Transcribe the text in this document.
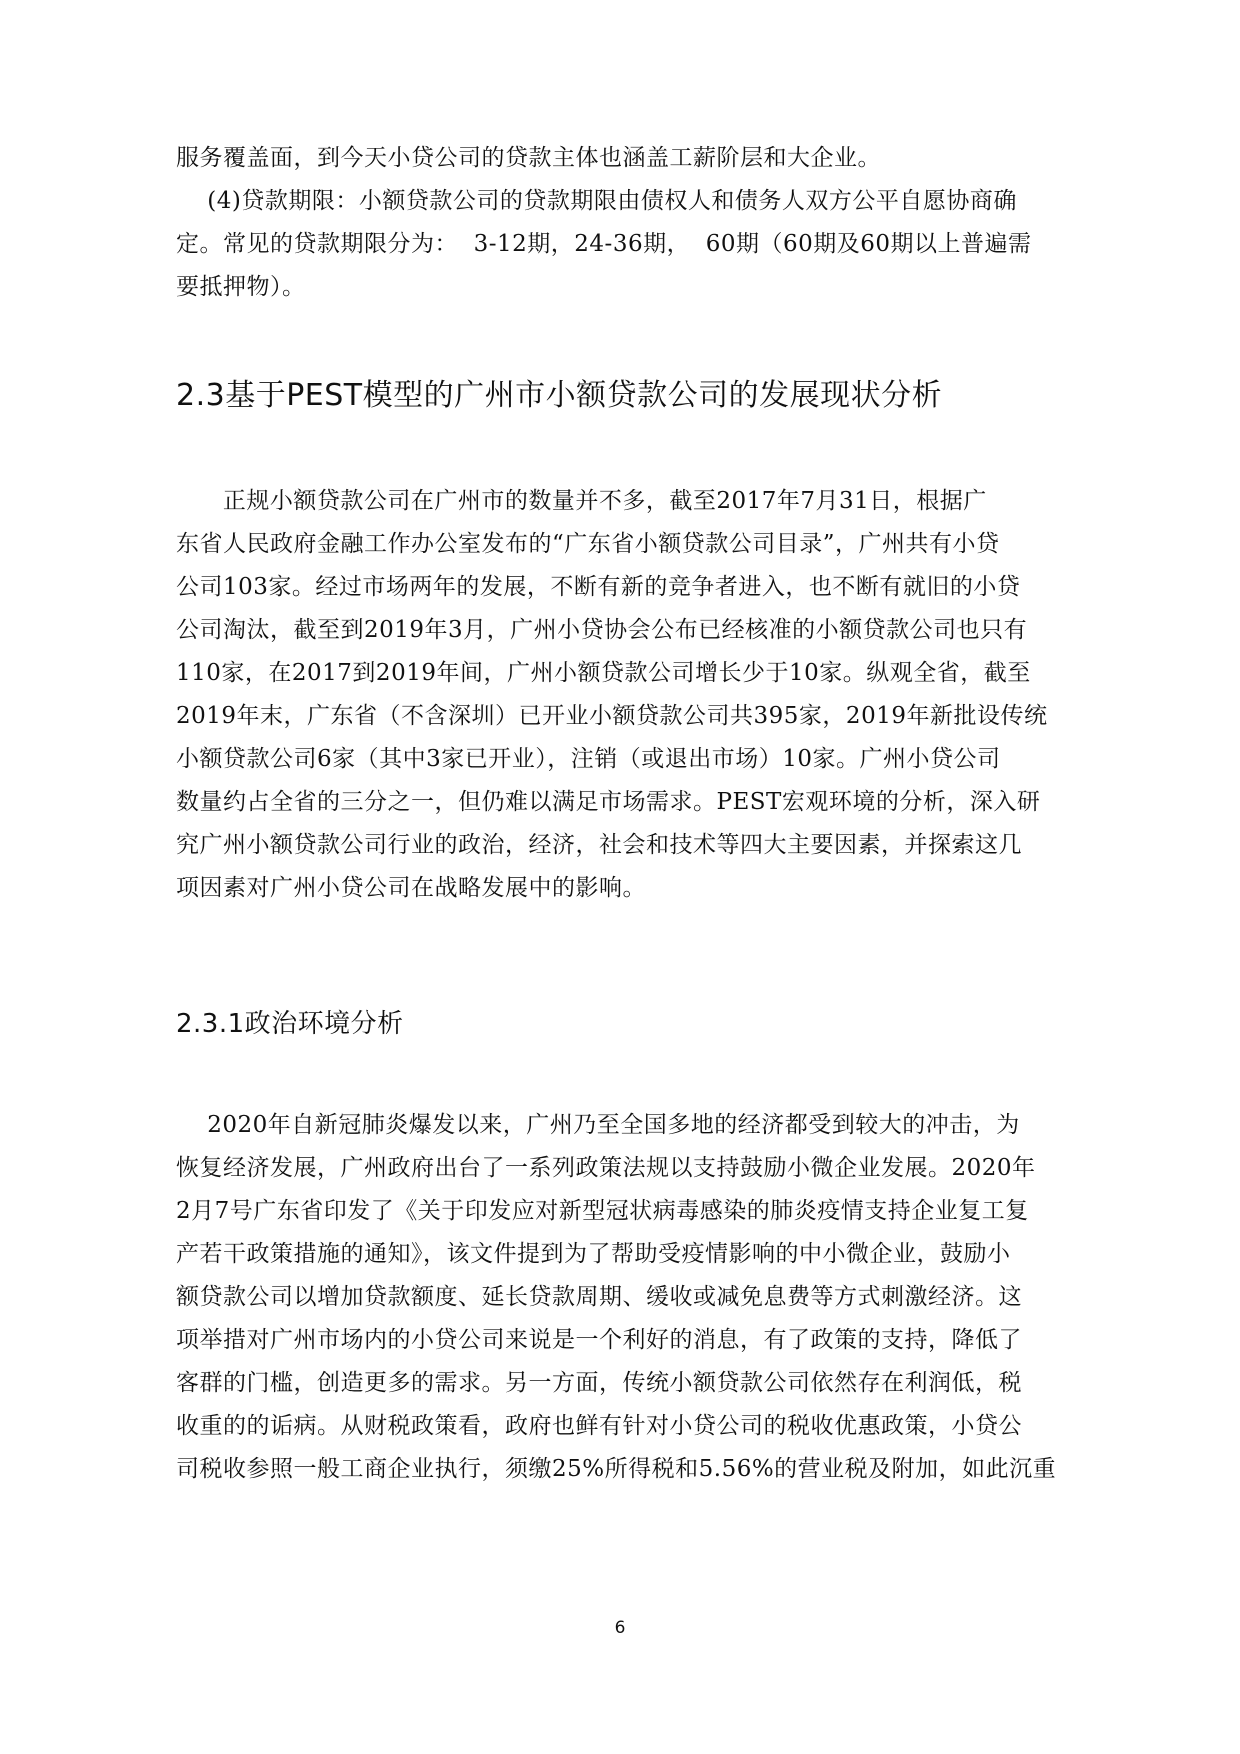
服务覆盖面，到今天小贷公司的贷款主体也涵盖工薪阶层和大企业。
(4)贷款期限：小额贷款公司的贷款期限由债权人和债务人双方公平自愿协商确
定。常见的贷款期限分为：  3-12期，24-36期，  60期（60期及60期以上普遍需
要抵押物）。
2.3基于PEST模型的广州市小额贷款公司的发展现状分析
正规小额贷款公司在广州市的数量并不多，截至2017年7月31日，根据广
东省人民政府金融工作办公室发布的“广东省小额贷款公司目录”，广州共有小贷
公司103家。经过市场两年的发展，不断有新的竞争者进入，也不断有就旧的小贷
公司淘汰，截至到2019年3月，广州小贷协会公布已经核准的小额贷款公司也只有
110家，在2017到2019年间，广州小额贷款公司增长少于10家。纵观全省，截至
2019年末，广东省（不含深圳）已开业小额贷款公司共395家，2019年新批设传统
小额贷款公司6家（其中3家已开业），注销（或退出市场）10家。广州小贷公司
数量约占全省的三分之一，但仍难以满足市场需求。PEST宏观环境的分析，深入研
究广州小额贷款公司行业的政治，经济，社会和技术等四大主要因素，并探索这几
项因素对广州小贷公司在战略发展中的影响。
2.3.1政治环境分析
2020年自新冠肺炎爆发以来，广州乃至全国多地的经济都受到较大的冲击，为
恢复经济发展，广州政府出台了一系列政策法规以支持鼓励小微企业发展。2020年
2月7号广东省印发了《关于印发应对新型冠状病毒感染的肺炎疫情支持企业复工复
产若干政策措施的通知》，该文件提到为了帮助受疫情影响的中小微企业，鼓励小
额贷款公司以增加贷款额度、延长贷款周期、缓收或减免息费等方式刺激经济。这
项举措对广州市场内的小贷公司来说是一个利好的消息，有了政策的支持，降低了
客群的门槛，创造更多的需求。另一方面，传统小额贷款公司依然存在利润低，税
收重的的诟病。从财税政策看，政府也鲜有针对小贷公司的税收优惠政策，小贷公
司税收参照一般工商企业执行，须缴25%所得税和5.56%的营业税及附加，如此沉重
6
